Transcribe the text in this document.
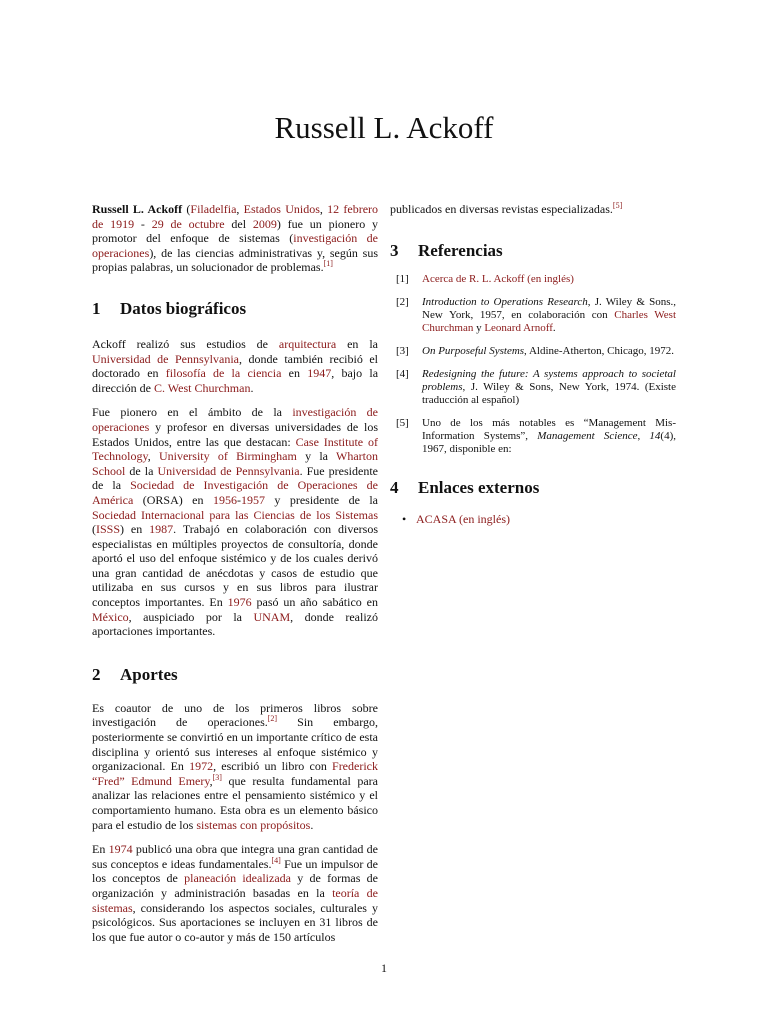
Russell L. Ackoff

Russell L. Ackoff (Filadelfia, Estados Unidos, 12 febrero de 1919 - 29 de octubre del 2009) fue un pionero y promotor del enfoque de sistemas (investigación de operaciones), de las ciencias administrativas y, según sus propias palabras, un solucionador de problemas.[1]

1	Datos biográficos

Ackoff realizó sus estudios de arquitectura en la Universidad de Pennsylvania, donde también recibió el doctorado en filosofía de la ciencia en 1947, bajo la dirección de C. West Churchman.

Fue pionero en el ámbito de la investigación de operaciones y profesor en diversas universidades de los Estados Unidos, entre las que destacan: Case Institute of Technology, University of Birmingham y la Wharton School de la Universidad de Pennsylvania. Fue presidente de la Sociedad de Investigación de Operaciones de América (ORSA) en 1956-1957 y presidente de la Sociedad Internacional para las Ciencias de los Sistemas (ISSS) en 1987. Trabajó en colaboración con diversos especialistas en múltiples proyectos de consultoría, donde aportó el uso del enfoque sistémico y de los cuales derivó una gran cantidad de anécdotas y casos de estudio que utilizaba en sus cursos y en sus libros para ilustrar conceptos importantes. En 1976 pasó un año sabático en México, auspiciado por la UNAM, donde realizó aportaciones importantes.

2	Aportes

Es coautor de uno de los primeros libros sobre investigación de operaciones.[2] Sin embargo, posteriormente se convirtió en un importante crítico de esta disciplina y orientó sus intereses al enfoque sistémico y organizacional. En 1972, escribió un libro con Frederick “Fred” Edmund Emery,[3] que resulta fundamental para analizar las relaciones entre el pensamiento sistémico y el comportamiento humano. Esta obra es un elemento básico para el estudio de los sistemas con propósitos.

En 1974 publicó una obra que integra una gran cantidad de sus conceptos e ideas fundamentales.[4] Fue un impulsor de los conceptos de planeación idealizada y de formas de organización y administración basadas en la teoría de sistemas, considerando los aspectos sociales, culturales y psicológicos. Sus aportaciones se incluyen en 31 libros de los que fue autor o co-autor y más de 150 artículos

publicados en diversas revistas especializadas.[5]

3	Referencias
[1]	Acerca de R. L. Ackoff (en inglés)
[2]	Introduction to Operations Research, J. Wiley & Sons., New York, 1957, en colaboración con Charles West Churchman y Leonard Arnoff.
[3]	On Purposeful Systems, Aldine-Atherton, Chicago, 1972.
[4]	Redesigning the future: A systems approach to societal problems, J. Wiley & Sons, New York, 1974. (Existe traducción al español)
[5]	Uno de los más notables es “Management Mis-Information Systems”, Management Science, 14(4), 1967, disponible en:
4	Enlaces externos
• ACASA (en inglés)
1
